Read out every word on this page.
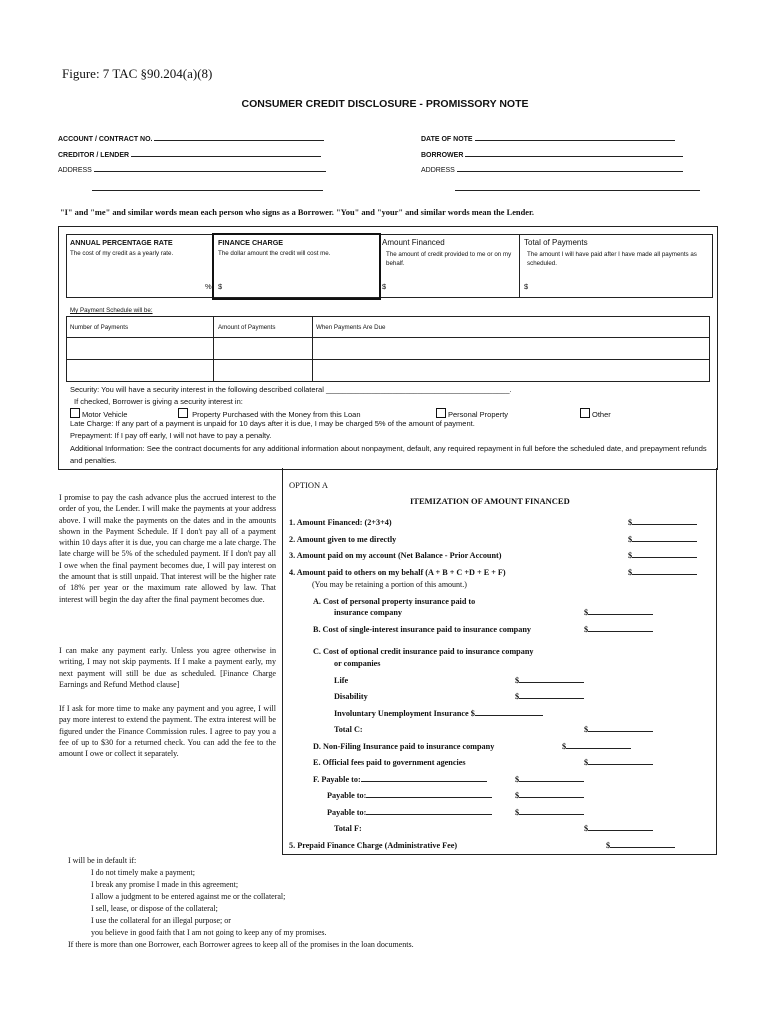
Figure: 7 TAC §90.204(a)(8)
CONSUMER CREDIT DISCLOSURE - PROMISSORY NOTE
ACCOUNT / CONTRACT NO.
CREDITOR / LENDER
ADDRESS
DATE OF NOTE
BORROWER
ADDRESS
"I" and "me" and similar words mean each person who signs as a Borrower. "You" and "your" and similar words mean the Lender.
ANNUAL PERCENTAGE RATE
The cost of my credit as a yearly rate.
%
FINANCE CHARGE
The dollar amount the credit will cost me.
$
Amount Financed
The amount of credit provided to me or on my behalf.
$
Total of Payments
The amount I will have paid after I have made all payments as scheduled.
$
My Payment Schedule will be:
Number of Payments	Amount of Payments	When Payments Are Due
Security: You will have a security interest in the following described collateral ____________________________________________.
If checked, Borrower is giving a security interest in:
Motor Vehicle	Property Purchased with the Money from this Loan	Personal Property	Other
Late Charge: If any part of a payment is unpaid for 10 days after it is due, I may be charged 5% of the amount of payment.
Prepayment: If I pay off early, I will not have to pay a penalty.
Additional Information: See the contract documents for any additional information about nonpayment, default, any required repayment in full before the scheduled date, and prepayment refunds and penalties.
OPTION A
ITEMIZATION OF AMOUNT FINANCED
1. Amount Financed: (2+3+4)	$
2. Amount given to me directly	$
3. Amount paid on my account (Net Balance - Prior Account)	$
4. Amount paid to others on my behalf (A + B + C +D + E + F)	$
(You may be retaining a portion of this amount.)
A. Cost of personal property insurance paid to
insurance company	$
B. Cost of single-interest insurance paid to insurance company	$
C. Cost of optional credit insurance paid to insurance company
or companies
Life	$
Disability	$
Involuntary Unemployment Insurance $
Total C:	$
D. Non-Filing Insurance paid to insurance company	$
E. Official fees paid to government agencies	$
F. Payable to:	$
Payable to:	$
Payable to:	$
Total F:	$
5. Prepaid Finance Charge (Administrative Fee)	$
I promise to pay the cash advance plus the accrued interest to the order of you, the Lender. I will make the payments at your address above. I will make the payments on the dates and in the amounts shown in the Payment Schedule. If I don't pay all of a payment within 10 days after it is due, you can charge me a late charge. The late charge will be 5% of the scheduled payment. If I don't pay all I owe when the final payment becomes due, I will pay interest on the amount that is still unpaid. That interest will be the higher rate of 18% per year or the maximum rate allowed by law. That interest will begin the day after the final payment becomes due.
I can make any payment early. Unless you agree otherwise in writing, I may not skip payments. If I make a payment early, my next payment will still be due as scheduled. [Finance Charge Earnings and Refund Method clause]
If I ask for more time to make any payment and you agree, I will pay more interest to extend the payment. The extra interest will be figured under the Finance Commission rules. I agree to pay you a fee of up to $30 for a returned check. You can add the fee to the amount I owe or collect it separately.
I will be in default if:
I do not timely make a payment;
I break any promise I made in this agreement;
I allow a judgment to be entered against me or the collateral;
I sell, lease, or dispose of the collateral;
I use the collateral for an illegal purpose; or
you believe in good faith that I am not going to keep any of my promises.
If there is more than one Borrower, each Borrower agrees to keep all of the promises in the loan documents.
